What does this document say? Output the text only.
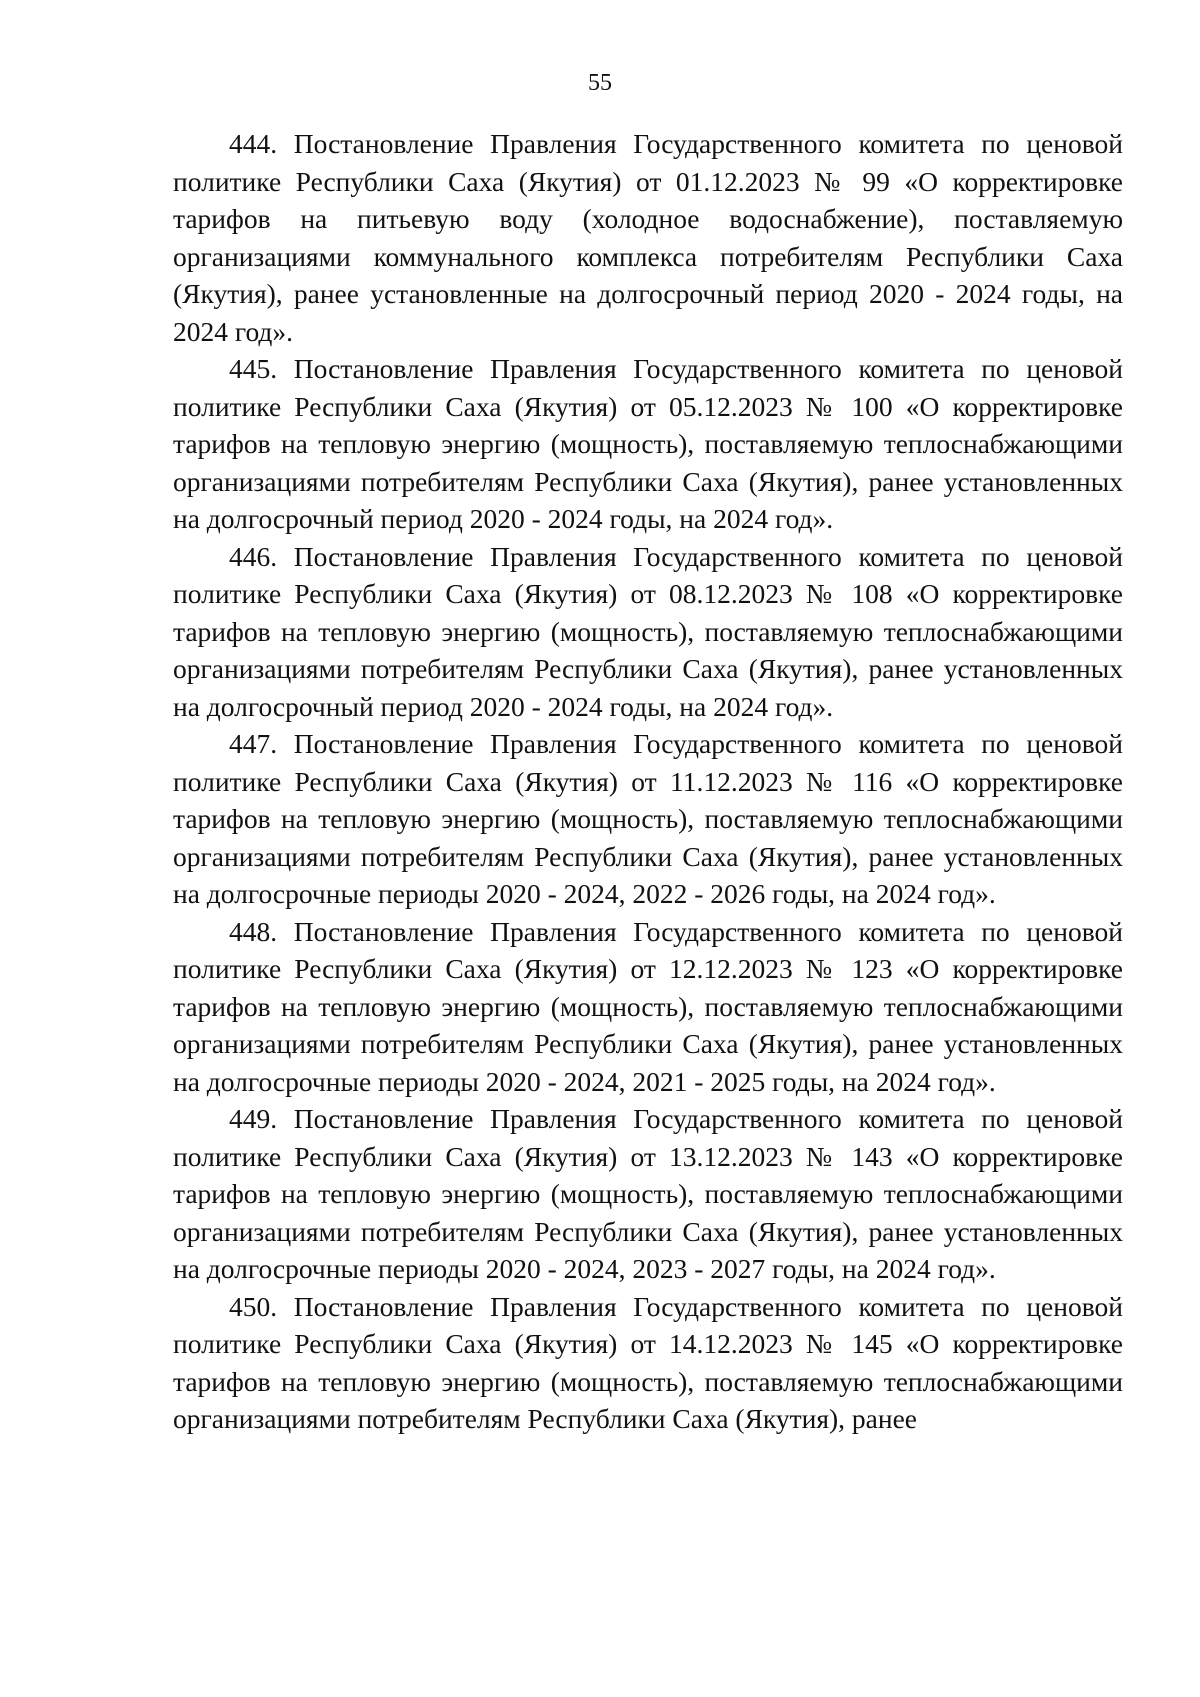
55

444. Постановление Правления Государственного комитета по ценовой политике Республики Саха (Якутия) от 01.12.2023 № 99 «О корректировке тарифов на питьевую воду (холодное водоснабжение), поставляемую организациями коммунального комплекса потребителям Республики Саха (Якутия), ранее установленные на долгосрочный период 2020 - 2024 годы, на 2024 год».

445. Постановление Правления Государственного комитета по ценовой политике Республики Саха (Якутия) от 05.12.2023 № 100 «О корректировке тарифов на тепловую энергию (мощность), поставляемую теплоснабжающими организациями потребителям Республики Саха (Якутия), ранее установленных на долгосрочный период 2020 - 2024 годы, на 2024 год».

446. Постановление Правления Государственного комитета по ценовой политике Республики Саха (Якутия) от 08.12.2023 № 108 «О корректировке тарифов на тепловую энергию (мощность), поставляемую теплоснабжающими организациями потребителям Республики Саха (Якутия), ранее установленных на долгосрочный период 2020 - 2024 годы, на 2024 год».

447. Постановление Правления Государственного комитета по ценовой политике Республики Саха (Якутия) от 11.12.2023 № 116 «О корректировке тарифов на тепловую энергию (мощность), поставляемую теплоснабжающими организациями потребителям Республики Саха (Якутия), ранее установленных на долгосрочные периоды 2020 - 2024, 2022 - 2026 годы, на 2024 год».

448. Постановление Правления Государственного комитета по ценовой политике Республики Саха (Якутия) от 12.12.2023 № 123 «О корректировке тарифов на тепловую энергию (мощность), поставляемую теплоснабжающими организациями потребителям Республики Саха (Якутия), ранее установленных на долгосрочные периоды 2020 - 2024, 2021 - 2025 годы, на 2024 год».

449. Постановление Правления Государственного комитета по ценовой политике Республики Саха (Якутия) от 13.12.2023 № 143 «О корректировке тарифов на тепловую энергию (мощность), поставляемую теплоснабжающими организациями потребителям Республики Саха (Якутия), ранее установленных на долгосрочные периоды 2020 - 2024, 2023 - 2027 годы, на 2024 год».

450. Постановление Правления Государственного комитета по ценовой политике Республики Саха (Якутия) от 14.12.2023 № 145 «О корректировке тарифов на тепловую энергию (мощность), поставляемую теплоснабжающими организациями потребителям Республики Саха (Якутия), ранее
